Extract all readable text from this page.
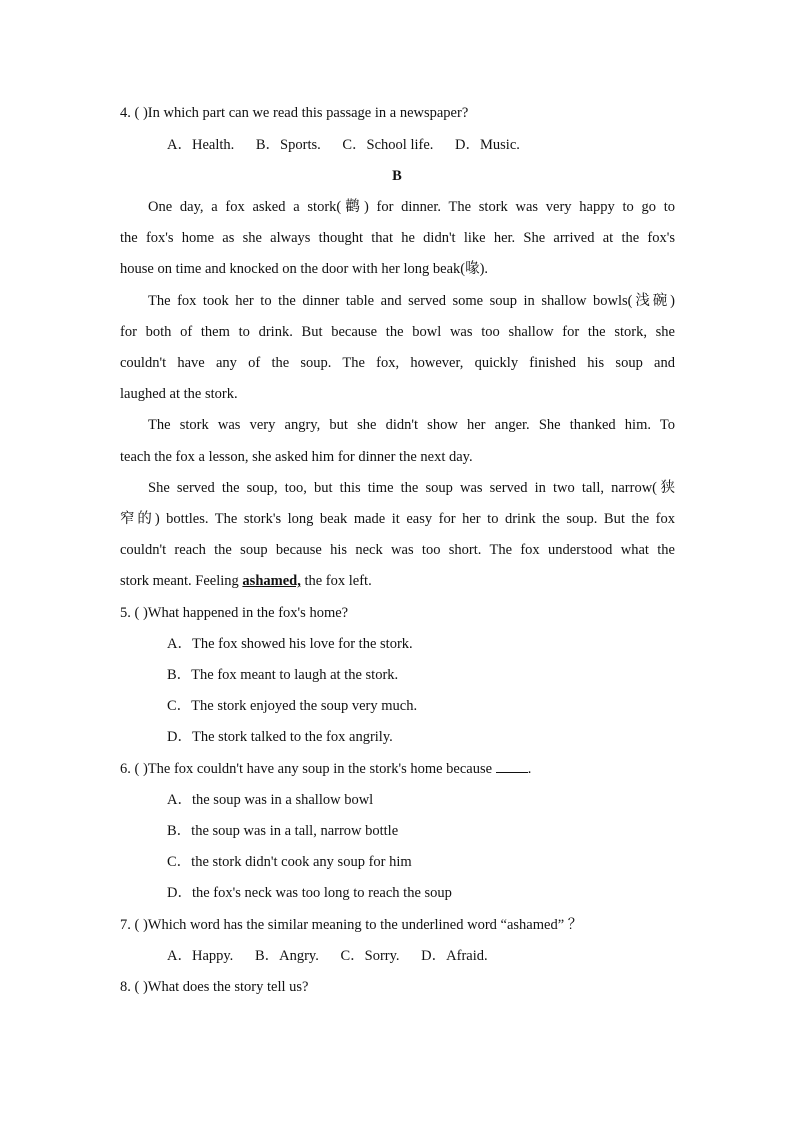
4. ( )In which part can we read this passage in a newspaper?
A．Health. B．Sports. C．School life. D．Music.
B
One day, a fox asked a stork(鹳) for dinner. The stork was very happy to go to
the fox's home as she always thought that he didn't like her. She arrived at the fox's
house on time and knocked on the door with her long beak(喙).
The fox took her to the dinner table and served some soup in shallow bowls(浅碗)
for both of them to drink. But because the bowl was too shallow for the stork, she
couldn't have any of the soup. The fox, however, quickly finished his soup and
laughed at the stork.
The stork was very angry, but she didn't show her anger. She thanked him. To
teach the fox a lesson, she asked him for dinner the next day.
She served the soup, too, but this time the soup was served in two tall, narrow(狭
窄的) bottles. The stork's long beak made it easy for her to drink the soup. But the fox
couldn't reach the soup because his neck was too short. The fox understood what the
stork meant. Feeling ashamed, the fox left.
5. ( )What happened in the fox's home?
A．The fox showed his love for the stork.
B．The fox meant to laugh at the stork.
C．The stork enjoyed the soup very much.
D．The stork talked to the fox angrily.
6. ( )The fox couldn't have any soup in the stork's home because .
A．the soup was in a shallow bowl
B．the soup was in a tall, narrow bottle
C．the stork didn't cook any soup for him
D．the fox's neck was too long to reach the soup
7. ( )Which word has the similar meaning to the underlined word “ashamed” ？
A．Happy. B．Angry. C．Sorry. D．Afraid.
8. ( )What does the story tell us?
